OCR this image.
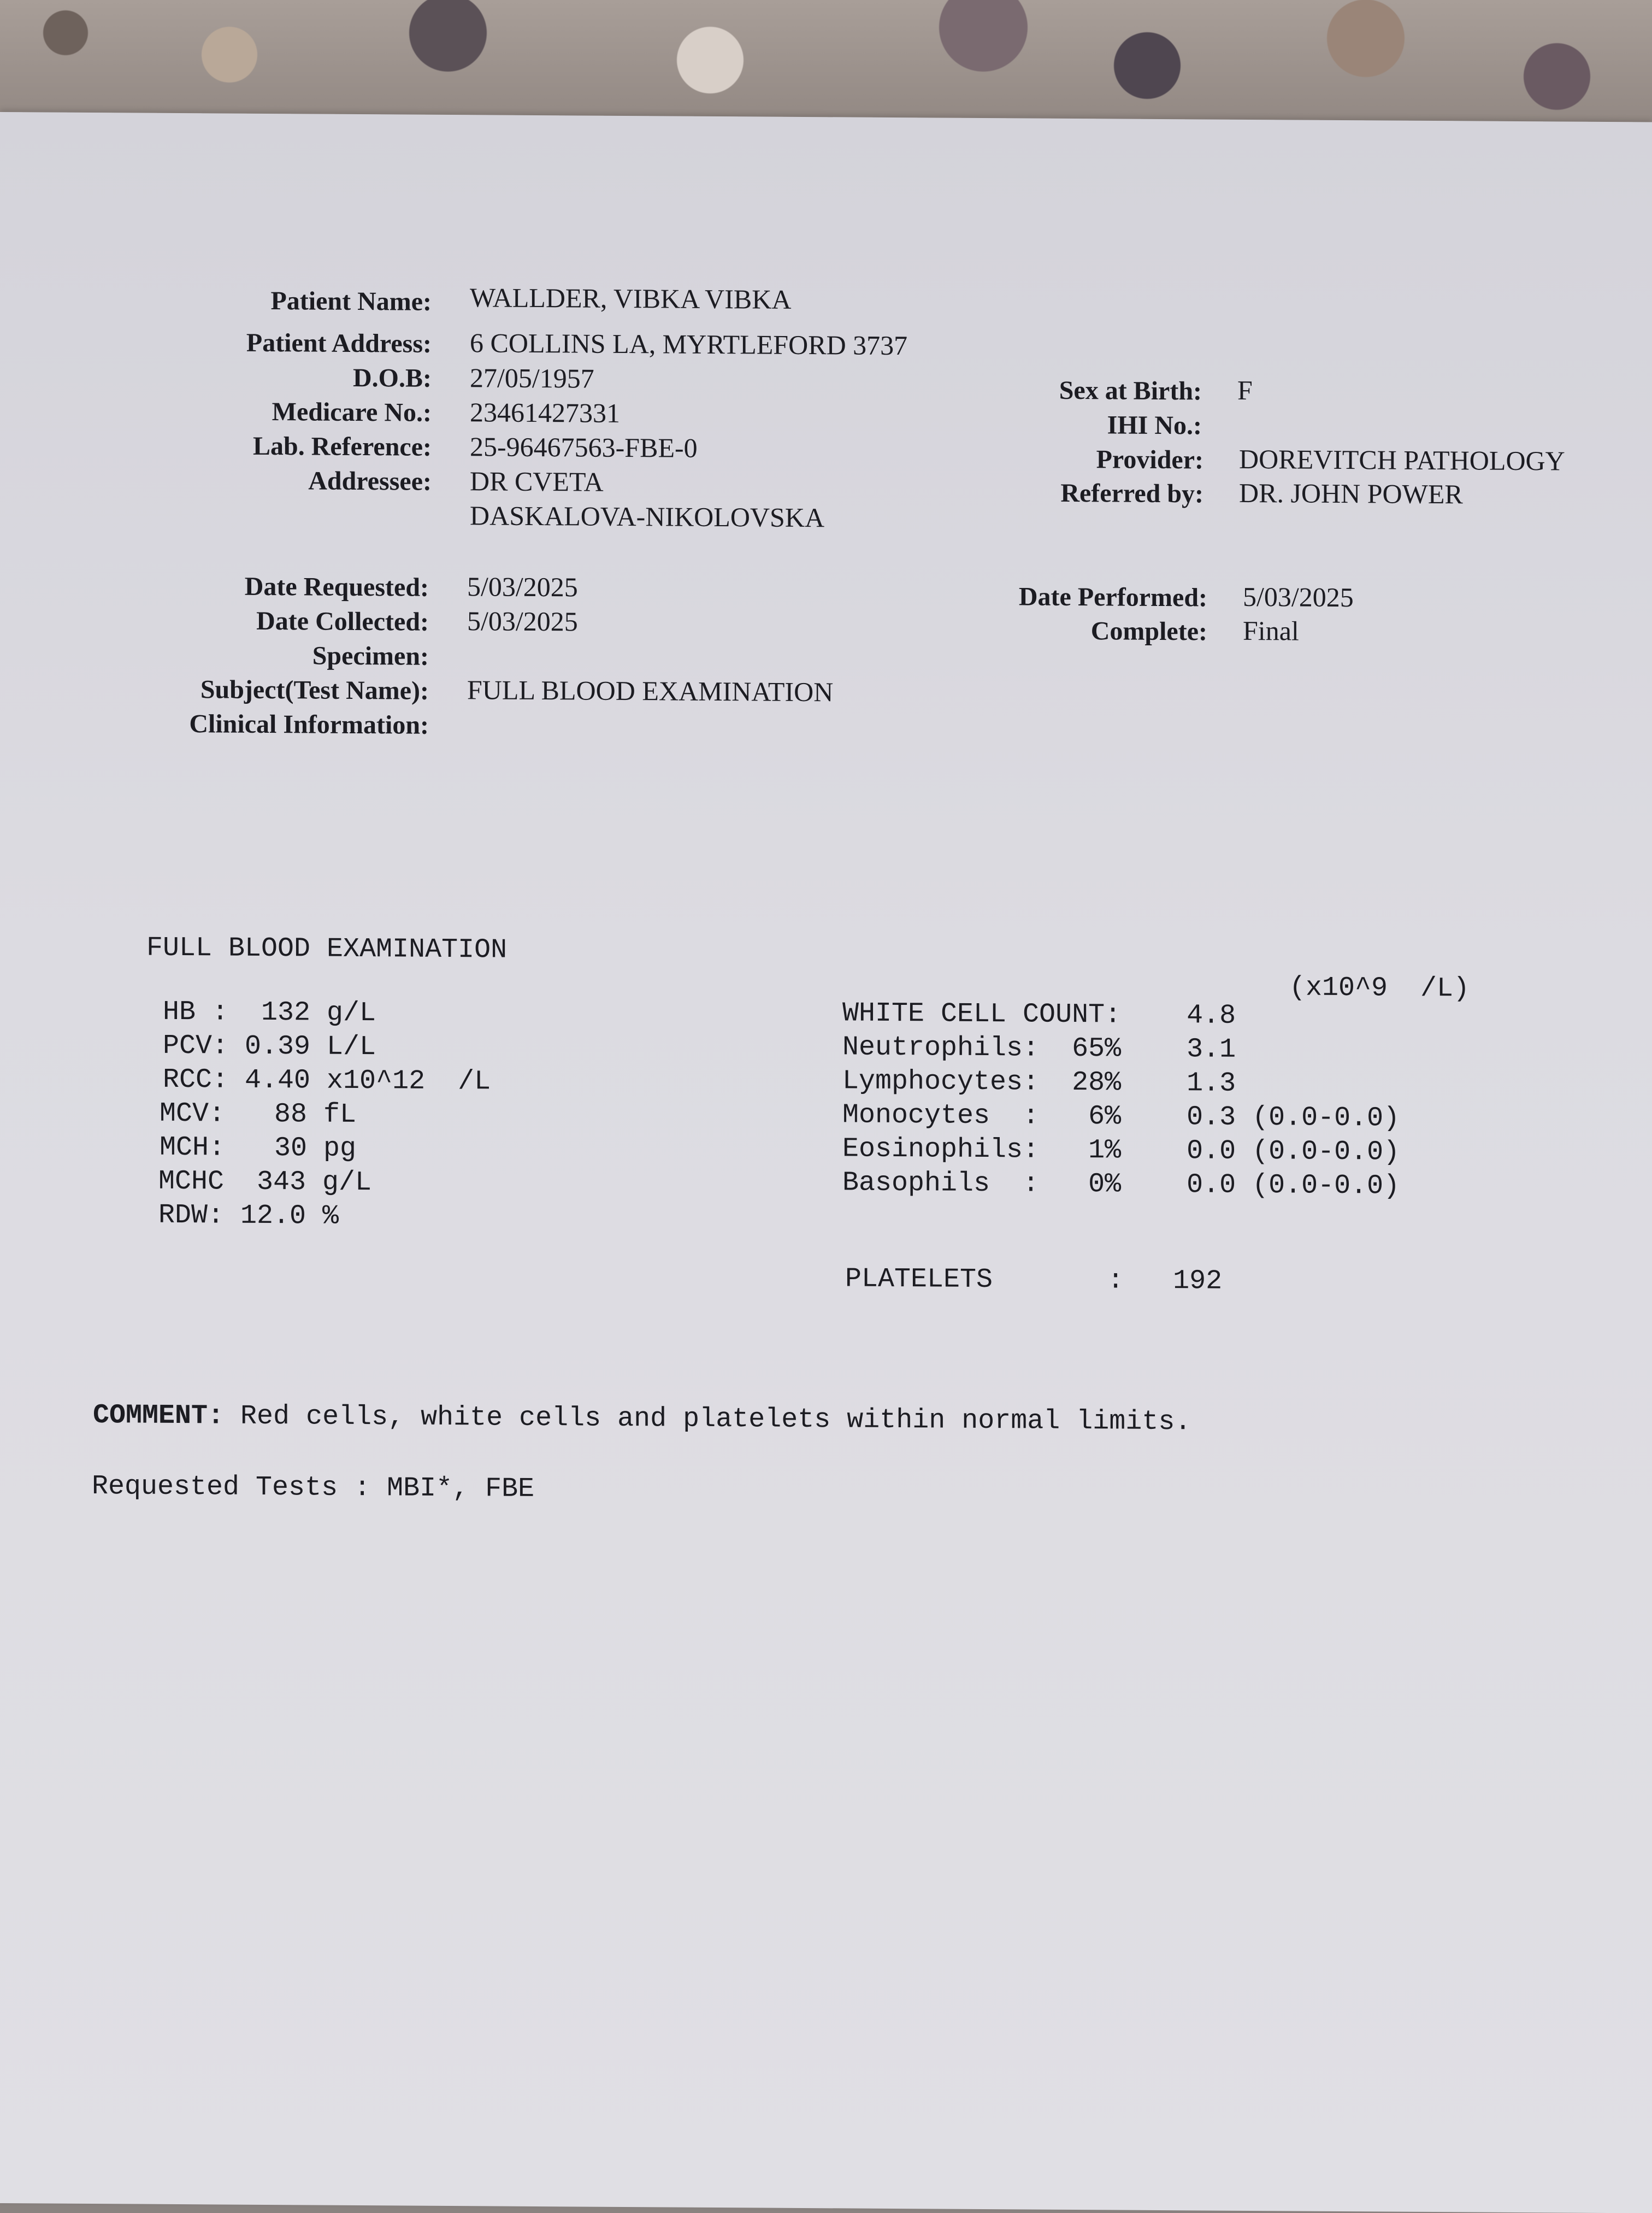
Patient Name: WALLDER, VIBKA VIBKA
Patient Address: 6 COLLINS LA, MYRTLEFORD 3737
D.O.B: 27/05/1957
Medicare No.: 23461427331
Lab. Reference: 25-96467563-FBE-0
Addressee: DR CVETA
DASKALOVA-NIKOLOVSKA
Sex at Birth: F
IHI No.:
Provider: DOREVITCH PATHOLOGY
Referred by: DR. JOHN POWER
Date Requested: 5/03/2025
Date Collected: 5/03/2025
Specimen:
Subject(Test Name): FULL BLOOD EXAMINATION
Clinical Information:
Date Performed: 5/03/2025
Complete: Final
FULL BLOOD EXAMINATION
(x10^9  /L)
HB :  132 g/L
PCV: 0.39 L/L
RCC: 4.40 x10^12  /L
MCV:   88 fL
MCH:   30 pg
MCHC  343 g/L
RDW: 12.0 %
WHITE CELL COUNT:    4.8
Neutrophils:  65%    3.1
Lymphocytes:  28%    1.3
Monocytes  :   6%    0.3 (0.0-0.0)
Eosinophils:   1%    0.0 (0.0-0.0)
Basophils  :   0%    0.0 (0.0-0.0)
PLATELETS       :   192
COMMENT: Red cells, white cells and platelets within normal limits.
Requested Tests : MBI*, FBE
